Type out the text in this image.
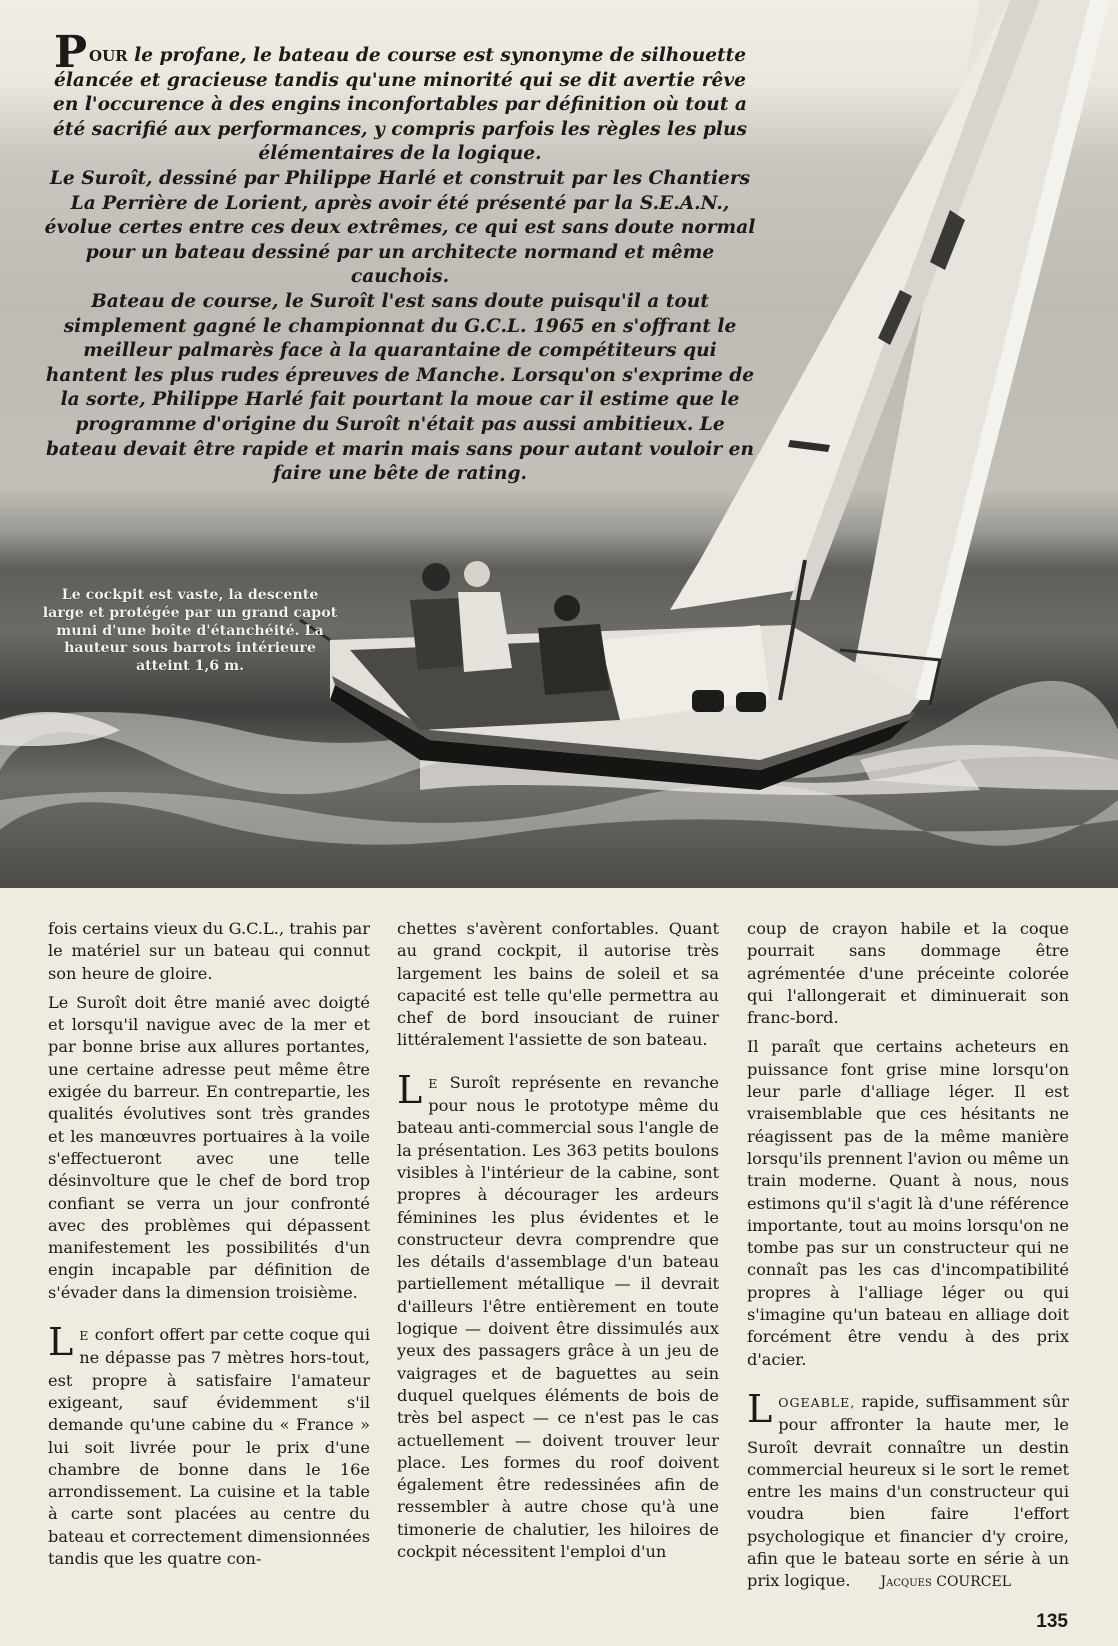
POUR le profane, le bateau de course est synonyme de silhouette élancée et gracieuse tandis qu'une minorité qui se dit avertie rêve en l'occurence à des engins inconfortables par définition où tout a été sacrifié aux performances, y compris parfois les règles les plus élémentaires de la logique.

Le Suroît, dessiné par Philippe Harlé et construit par les Chantiers La Perrière de Lorient, après avoir été présenté par la S.E.A.N., évolue certes entre ces deux extrêmes, ce qui est sans doute normal pour un bateau dessiné par un architecte normand et même cauchois.

Bateau de course, le Suroît l'est sans doute puisqu'il a tout simplement gagné le championnat du G.C.L. 1965 en s'offrant le meilleur palmarès face à la quarantaine de compétiteurs qui hantent les plus rudes épreuves de Manche. Lorsqu'on s'exprime de la sorte, Philippe Harlé fait pourtant la moue car il estime que le programme d'origine du Suroît n'était pas aussi ambitieux. Le bateau devait être rapide et marin mais sans pour autant vouloir en faire une bête de rating.

Le cockpit est vaste, la descente large et protégée par un grand capot muni d'une boîte d'étanchéité. La hauteur sous barrots intérieure atteint 1,6 m.

fois certains vieux du G.C.L., trahis par le matériel sur un bateau qui connut son heure de gloire.

Le Suroît doit être manié avec doigté et lorsqu'il navigue avec de la mer et par bonne brise aux allures portantes, une certaine adresse peut même être exigée du barreur. En contrepartie, les qualités évolutives sont très grandes et les manœuvres portuaires à la voile s'effectueront avec une telle désinvolture que le chef de bord trop confiant se verra un jour confronté avec des problèmes qui dépassent manifestement les possibilités d'un engin incapable par définition de s'évader dans la dimension troisième.

L E confort offert par cette coque qui ne dépasse pas 7 mètres hors-tout, est propre à satisfaire l'amateur exigeant, sauf évidemment s'il demande qu'une cabine du « France » lui soit livrée pour le prix d'une chambre de bonne dans le 16e arrondissement. La cuisine et la table à carte sont placées au centre du bateau et correctement dimensionnées tandis que les quatre con-

chettes s'avèrent confortables. Quant au grand cockpit, il autorise très largement les bains de soleil et sa capacité est telle qu'elle permettra au chef de bord insouciant de ruiner littéralement l'assiette de son bateau.

L E Suroît représente en revanche pour nous le prototype même du bateau anti-commercial sous l'angle de la présentation. Les 363 petits boulons visibles à l'intérieur de la cabine, sont propres à décourager les ardeurs féminines les plus évidentes et le constructeur devra comprendre que les détails d'assemblage d'un bateau partiellement métallique — il devrait d'ailleurs l'être entièrement en toute logique — doivent être dissimulés aux yeux des passagers grâce à un jeu de vaigrages et de baguettes au sein duquel quelques éléments de bois de très bel aspect — ce n'est pas le cas actuellement — doivent trouver leur place. Les formes du roof doivent également être redessinées afin de ressembler à autre chose qu'à une timonerie de chalutier, les hiloires de cockpit nécessitent l'emploi d'un

coup de crayon habile et la coque pourrait sans dommage être agrémentée d'une préceinte colorée qui l'allongerait et diminuerait son franc-bord.

Il paraît que certains acheteurs en puissance font grise mine lorsqu'on leur parle d'alliage léger. Il est vraisemblable que ces hésitants ne réagissent pas de la même manière lorsqu'ils prennent l'avion ou même un train moderne. Quant à nous, nous estimons qu'il s'agit là d'une référence importante, tout au moins lorsqu'on ne tombe pas sur un constructeur qui ne connaît pas les cas d'incompatibilité propres à l'alliage léger ou qui s'imagine qu'un bateau en alliage doit forcément être vendu à des prix d'acier.

LOGEABLE, rapide, suffisamment sûr pour affronter la haute mer, le Suroît devrait connaître un destin commercial heureux si le sort le remet entre les mains d'un constructeur qui voudra bien faire l'effort psychologique et financier d'y croire, afin que le bateau sorte en série à un prix logique. Jacques COURCEL

135
